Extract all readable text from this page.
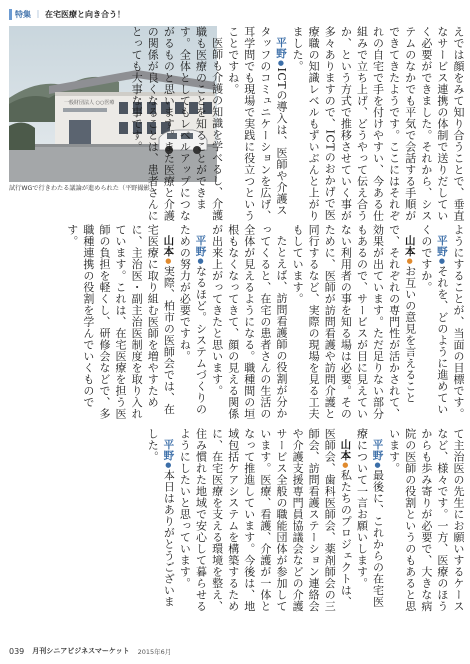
特集 ｜ 在宅医療と向き合う！
一般財団法人 ○○医療
試行WGで行きわたる議論が進められた（平野撮影）	えでは顔をみて知り合うことで、垂直なサービス連携の体制で送りだしていく必要ができました。それから、システムのなかでも平気で会話する手順ができてきたようです。ここにはそれぞれの自宅で手を付けやすい、今ある仕組みで立ち上げ、どうやって伝え合うか、という方式で推移させていく事が多々ありますので、ICTのおかげで医療職の知識レベルもずいぶんと上がりました。

平野●ICTの導入は、医師や介護スタッフのコミュニケーションを広げ、耳学問でも現場で実践に役立つということですね。

医師も介護の知識を学べるし、介護職も医療のことを知ることができます。全体としてもレベルアップにつながるものと思います。また医療と介護の関係が良くなることは、患者さんにとっても大事な事です。

ようにすることが、当面の目標です。

平野●それを、どのように進めていくのですか。

山本●お互いの意見を言えることで、それぞれの専門性が活かされて、効果が出ています。ただ足りない部分もあるので、サービスが目に見えていない利用者の事を知る場は必要。そのために、医師が訪問看護や訪問介護と同行するなど、実際の現場を見る工夫もしています。

たとえば、訪問看護師の役割が分かってくると、在宅の患者さんの生活の全体が見えるようになる。職種間の垣根もなくなってきて、顔の見える関係が出来上がってきたと思います。

平野●なるほど。システムづくりのための努力が必要ですね。

山本●実際、柏市の医師会では、在宅医療に取り組む医師を増やすために、主治医・副主治医制度を取り入れています。これは、在宅医療を担う医師の負担を軽くし、研修会などで、多職種連携の役割を学んでいくものです。

て主治医の先生にお願いするケースなど、様々です。一方、医療のほうからも歩み寄りが必要で、大きな病院の医師の役割というのもあると思います。

平野●最後に、これからの在宅医療について一言お願いします。

山本●私たちのプロジェクトは、医師会、歯科医師会、薬剤師会の三師会、訪問看護ステーション連絡会や介護支援専門員協議会などの介護サービス全般の職能団体が参加しています。医療、看護、介護が一体となって推進しています。今後は、地域包括ケアシステムを構築するために、在宅医療を支える環境を整え、住み慣れた地域で安心して暮らせるようにしたいと思っています。

平野●本日はありがとうございました。

039 月刊シニアビジネスマーケット 2015年6月
